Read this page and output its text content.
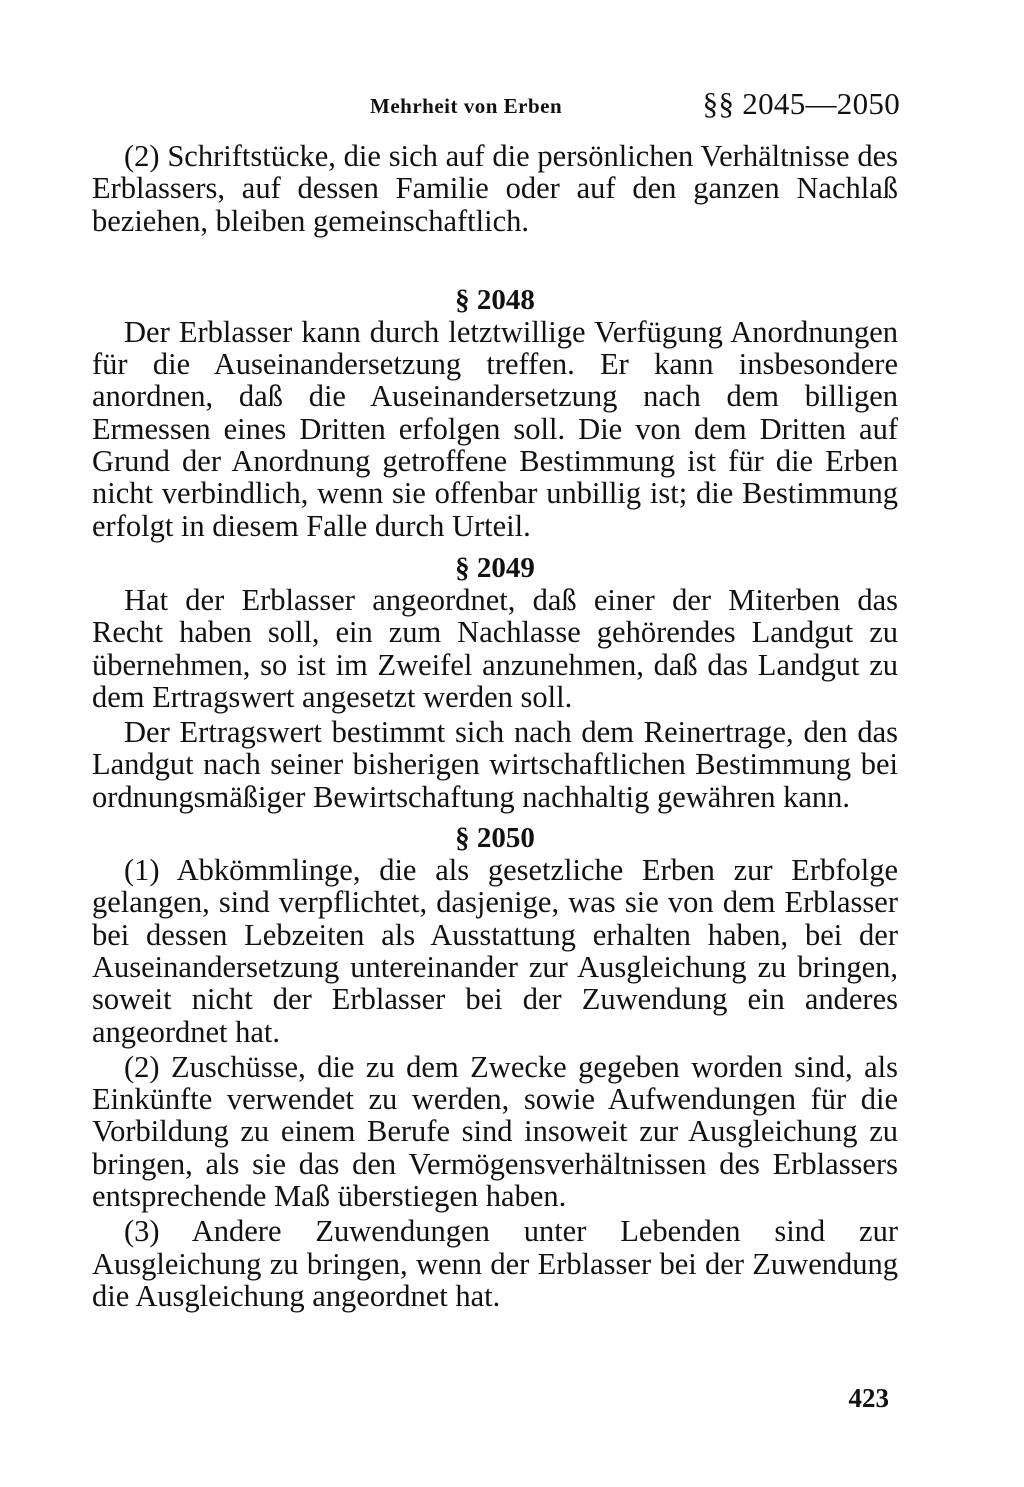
Mehrheit von Erben	§§ 2045—2050

(2) Schriftstücke, die sich auf die persönlichen Verhältnisse des Erblassers, auf dessen Familie oder auf den ganzen Nachlaß beziehen, bleiben gemeinschaftlich.

§ 2048

Der Erblasser kann durch letztwillige Verfügung Anordnungen für die Auseinandersetzung treffen. Er kann insbesondere anordnen, daß die Auseinandersetzung nach dem billigen Ermessen eines Dritten erfolgen soll. Die von dem Dritten auf Grund der Anordnung getroffene Bestimmung ist für die Erben nicht verbindlich, wenn sie offenbar unbillig ist; die Bestimmung erfolgt in diesem Falle durch Urteil.

§ 2049

Hat der Erblasser angeordnet, daß einer der Miterben das Recht haben soll, ein zum Nachlasse gehörendes Landgut zu übernehmen, so ist im Zweifel anzunehmen, daß das Landgut zu dem Ertragswert angesetzt werden soll.

Der Ertragswert bestimmt sich nach dem Reinertrage, den das Landgut nach seiner bisherigen wirtschaftlichen Bestimmung bei ordnungsmäßiger Bewirtschaftung nachhaltig gewähren kann.

§ 2050

(1) Abkömmlinge, die als gesetzliche Erben zur Erbfolge gelangen, sind verpflichtet, dasjenige, was sie von dem Erblasser bei dessen Lebzeiten als Ausstattung erhalten haben, bei der Auseinandersetzung untereinander zur Ausgleichung zu bringen, soweit nicht der Erblasser bei der Zuwendung ein anderes angeordnet hat.

(2) Zuschüsse, die zu dem Zwecke gegeben worden sind, als Einkünfte verwendet zu werden, sowie Aufwendungen für die Vorbildung zu einem Berufe sind insoweit zur Ausgleichung zu bringen, als sie das den Vermögensverhältnissen des Erblassers entsprechende Maß überstiegen haben.

(3) Andere Zuwendungen unter Lebenden sind zur Ausgleichung zu bringen, wenn der Erblasser bei der Zuwendung die Ausgleichung angeordnet hat.

423
